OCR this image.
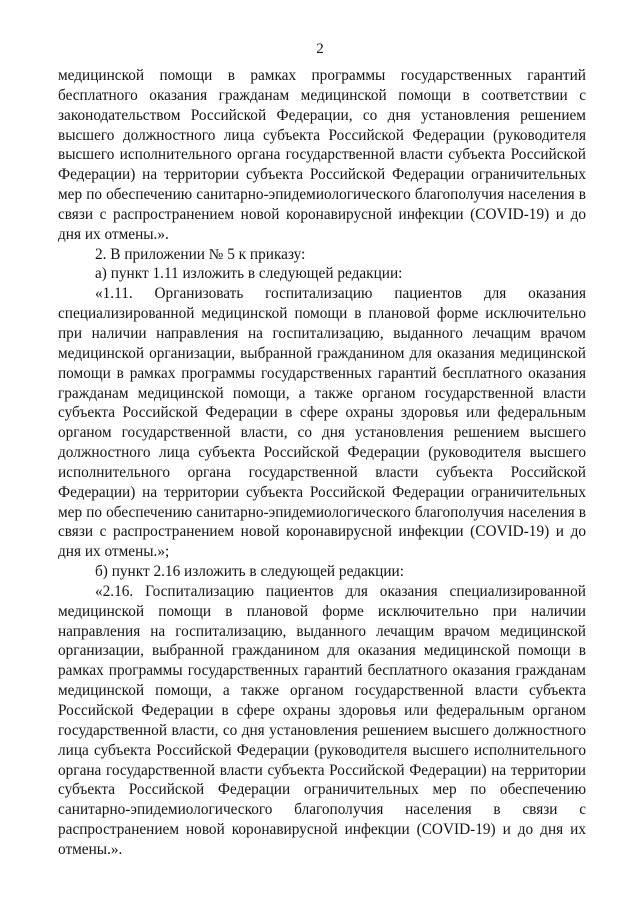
2

медицинской помощи в рамках программы государственных гарантий бесплатного оказания гражданам медицинской помощи в соответствии с законодательством Российской Федерации, со дня установления решением высшего должностного лица субъекта Российской Федерации (руководителя высшего исполнительного органа государственной власти субъекта Российской Федерации) на территории субъекта Российской Федерации ограничительных мер по обеспечению санитарно-эпидемиологического благополучия населения в связи с распространением новой коронавирусной инфекции (COVID-19) и до дня их отмены.».

2. В приложении № 5 к приказу:

а) пункт 1.11 изложить в следующей редакции:

«1.11. Организовать госпитализацию пациентов для оказания специализированной медицинской помощи в плановой форме исключительно при наличии направления на госпитализацию, выданного лечащим врачом медицинской организации, выбранной гражданином для оказания медицинской помощи в рамках программы государственных гарантий бесплатного оказания гражданам медицинской помощи, а также органом государственной власти субъекта Российской Федерации в сфере охраны здоровья или федеральным органом государственной власти, со дня установления решением высшего должностного лица субъекта Российской Федерации (руководителя высшего исполнительного органа государственной власти субъекта Российской Федерации) на территории субъекта Российской Федерации ограничительных мер по обеспечению санитарно-эпидемиологического благополучия населения в связи с распространением новой коронавирусной инфекции (COVID-19) и до дня их отмены.»;

б) пункт 2.16 изложить в следующей редакции:

«2.16. Госпитализацию пациентов для оказания специализированной медицинской помощи в плановой форме исключительно при наличии направления на госпитализацию, выданного лечащим врачом медицинской организации, выбранной гражданином для оказания медицинской помощи в рамках программы государственных гарантий бесплатного оказания гражданам медицинской помощи, а также органом государственной власти субъекта Российской Федерации в сфере охраны здоровья или федеральным органом государственной власти, со дня установления решением высшего должностного лица субъекта Российской Федерации (руководителя высшего исполнительного органа государственной власти субъекта Российской Федерации) на территории субъекта Российской Федерации ограничительных мер по обеспечению санитарно-эпидемиологического благополучия населения в связи с распространением новой коронавирусной инфекции (COVID-19) и до дня их отмены.».
